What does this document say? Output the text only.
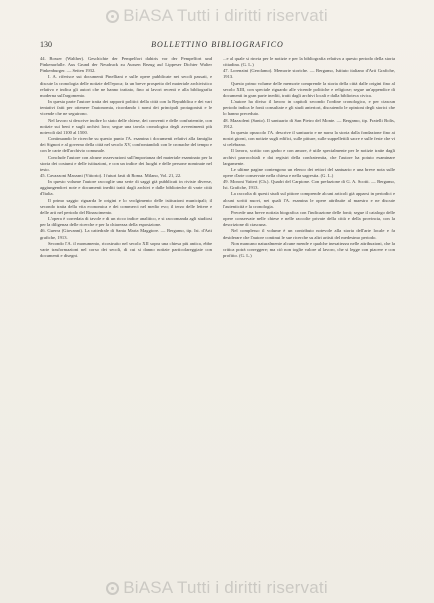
BiASA Tutti i diritti riservati
130	BOLLETTINO BIBLIOGRAFICO

44. Bosser (Walther). Geschichte der Pempelfort dahiris vor der Pempelfort und Pinkenarfalle. Aus Grund der Neudruck zu Aussen Bezug auf Lippeser Dichter Walter Pinkenburger. — Seiten 1932.

I. A. riferisce sui documenti Pinelliani e sulle opere pubblicate nei secoli passati, e discute la cronologia delle notizie dell'epoca; fa un breve prospetto del materiale archivistico relativo e indica gli autori che ne hanno trattato, fino ai lavori recenti e alla bibliografia moderna sull'argomento.

In questa parte l'autore tratta dei rapporti politici della città con la Repubblica e dei vari tentativi fatti per ottenere l'autonomia, ricordando i nomi dei principali protagonisti e le vicende che ne seguirono.

Nel lavoro si descrive inoltre lo stato delle chiese, dei conventi e delle confraternite, con notizie sui beni e sugli archivi loro; segue una tavola cronologica degli avvenimenti più notevoli dal 1100 al 1500.

Continuando le ricerche su questo punto l'A. esamina i documenti relativi alla famiglia dei Signori e al governo della città nel secolo XV, confrontandoli con le cronache del tempo e con le carte dell'archivio comunale.

Conclude l'autore con alcune osservazioni sull'importanza del materiale esaminato per la storia dei costumi e delle istituzioni, e con un indice dei luoghi e delle persone nominate nel testo.

45. Cavazzoni Marzani (Vittorio). I futuri fasti di Roma. Milano, Vol. 21, 22.

In questo volume l'autore raccoglie una serie di saggi già pubblicati in riviste diverse, aggiungendovi note e documenti inediti tratti dagli archivi e dalle biblioteche di varie città d'Italia.

Il primo saggio riguarda le origini e lo svolgimento delle istituzioni municipali; il secondo tratta della vita economica e dei commerci nel medio evo; il terzo delle lettere e delle arti nel periodo del Rinascimento.

L'opera è corredata di tavole e di un ricco indice analitico, e si raccomanda agli studiosi per la diligenza delle ricerche e per la chiarezza della esposizione.

46. Guerra (Giovanni). La cattedrale di Santa Maria Maggiore. — Bergamo, tip. Ist. d'Arti grafiche, 1913.

Secondo l'A. il monumento, ricostruito nel secolo XII sopra una chiesa più antica, ebbe varie trasformazioni nel corso dei secoli, di cui si danno notizie particolareggiate con documenti e disegni.

...e al quale si rinvia per le notizie e per la bibliografia relativa a questo periodo della storia cittadina. (G. L.)

47. Lorenzini (Gerolamo). Memorie storiche. — Bergamo, Istituto italiano d'Arti Grafiche, 1913.

Questo primo volume delle memorie comprende la storia della città dalle origini fino al secolo XIII, con speciale riguardo alle vicende politiche e religiose; segue un'appendice di documenti in gran parte inediti, tratti dagli archivi locali e dalla biblioteca civica.

L'autore ha diviso il lavoro in capitoli secondo l'ordine cronologico, e per ciascun periodo indica le fonti consultate e gli studi anteriori, discutendo le opinioni degli storici che lo hanno preceduto.

48. Mazzoleni (Santo). Il santuario di San Pietro del Monte. — Bergamo, tip. Fratelli Bolis, 1912.

In questo opuscolo l'A. descrive il santuario e ne narra la storia dalla fondazione fino ai nostri giorni, con notizie sugli edifici, sulle pitture, sulle suppellettili sacre e sulle feste che vi si celebrano.

Il lavoro, scritto con garbo e con amore, è utile specialmente per le notizie tratte dagli archivi parrocchiali e dai registri della confraternita, che l'autore ha potuto esaminare largamente.

Le ultime pagine contengono un elenco dei rettori del santuario e una breve nota sulle opere d'arte conservate nella chiesa e nella sagrestia. (G. L.)

49. Moroni Vaiteri (Ch.). Quadri del Carpione. Con prefazione di G. A. Scotti. — Bergamo, Ist. Grafiche, 1913.

La raccolta di questi studi sul pittore comprende alcuni articoli già apparsi in periodici e alcuni scritti nuovi, nei quali l'A. esamina le opere attribuite al maestro e ne discute l'autenticità e la cronologia.

Precede una breve notizia biografica con l'indicazione delle fonti; segue il catalogo delle opere conservate nelle chiese e nelle raccolte private della città e della provincia, con la descrizione di ciascuna.

Nel complesso il volume è un contributo notevole alla storia dell'arte locale e fa desiderare che l'autore continui le sue ricerche su altri artisti del medesimo periodo.

Non mancano naturalmente alcune mende e qualche inesattezza nelle attribuzioni, che la critica potrà correggere; ma ciò non toglie valore al lavoro, che si legge con piacere e con profitto. (G. L.)

BiASA Tutti i diritti riservati
